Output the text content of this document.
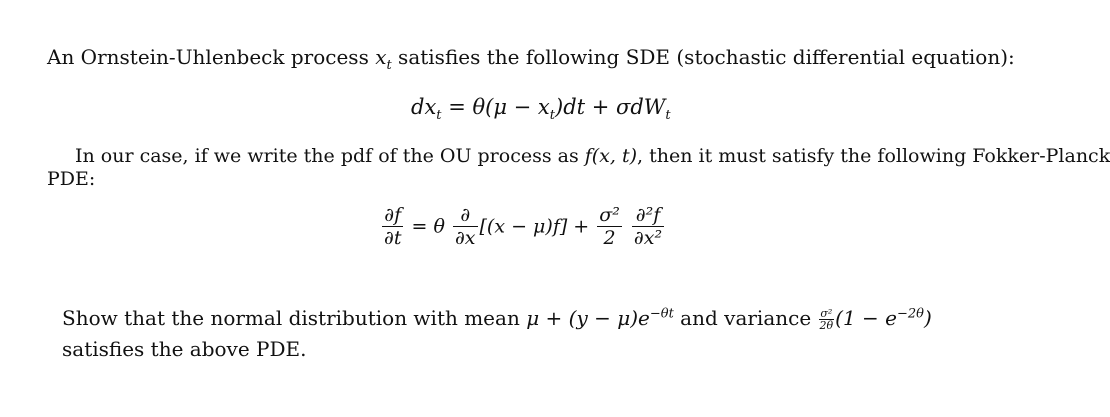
An Ornstein-Uhlenbeck process $x_t$ satisfies the following SDE (stochastic differential equation):
$dx_t = \theta(\mu - x_t)dt + \sigma dW_t$
In our case, if we write the pdf of the OU process as f(x, t), then it must satisfy the following Fokker-Planck
PDE:
$\frac{\partial f}{\partial t} = \theta \frac{\partial}{\partial x} [(x - \mu)f] + \frac{\text{σ²}}{2}$
$\frac{\text{∂²f}}{\text{∂x²}}$
Show that the normal distribution with mean $\mu + (y - \mu)e^{-\theta t}$ and variance $\frac{\text{σ²}}{2\theta} (1 - e^{-2\theta})$
satisfies the above PDE.
